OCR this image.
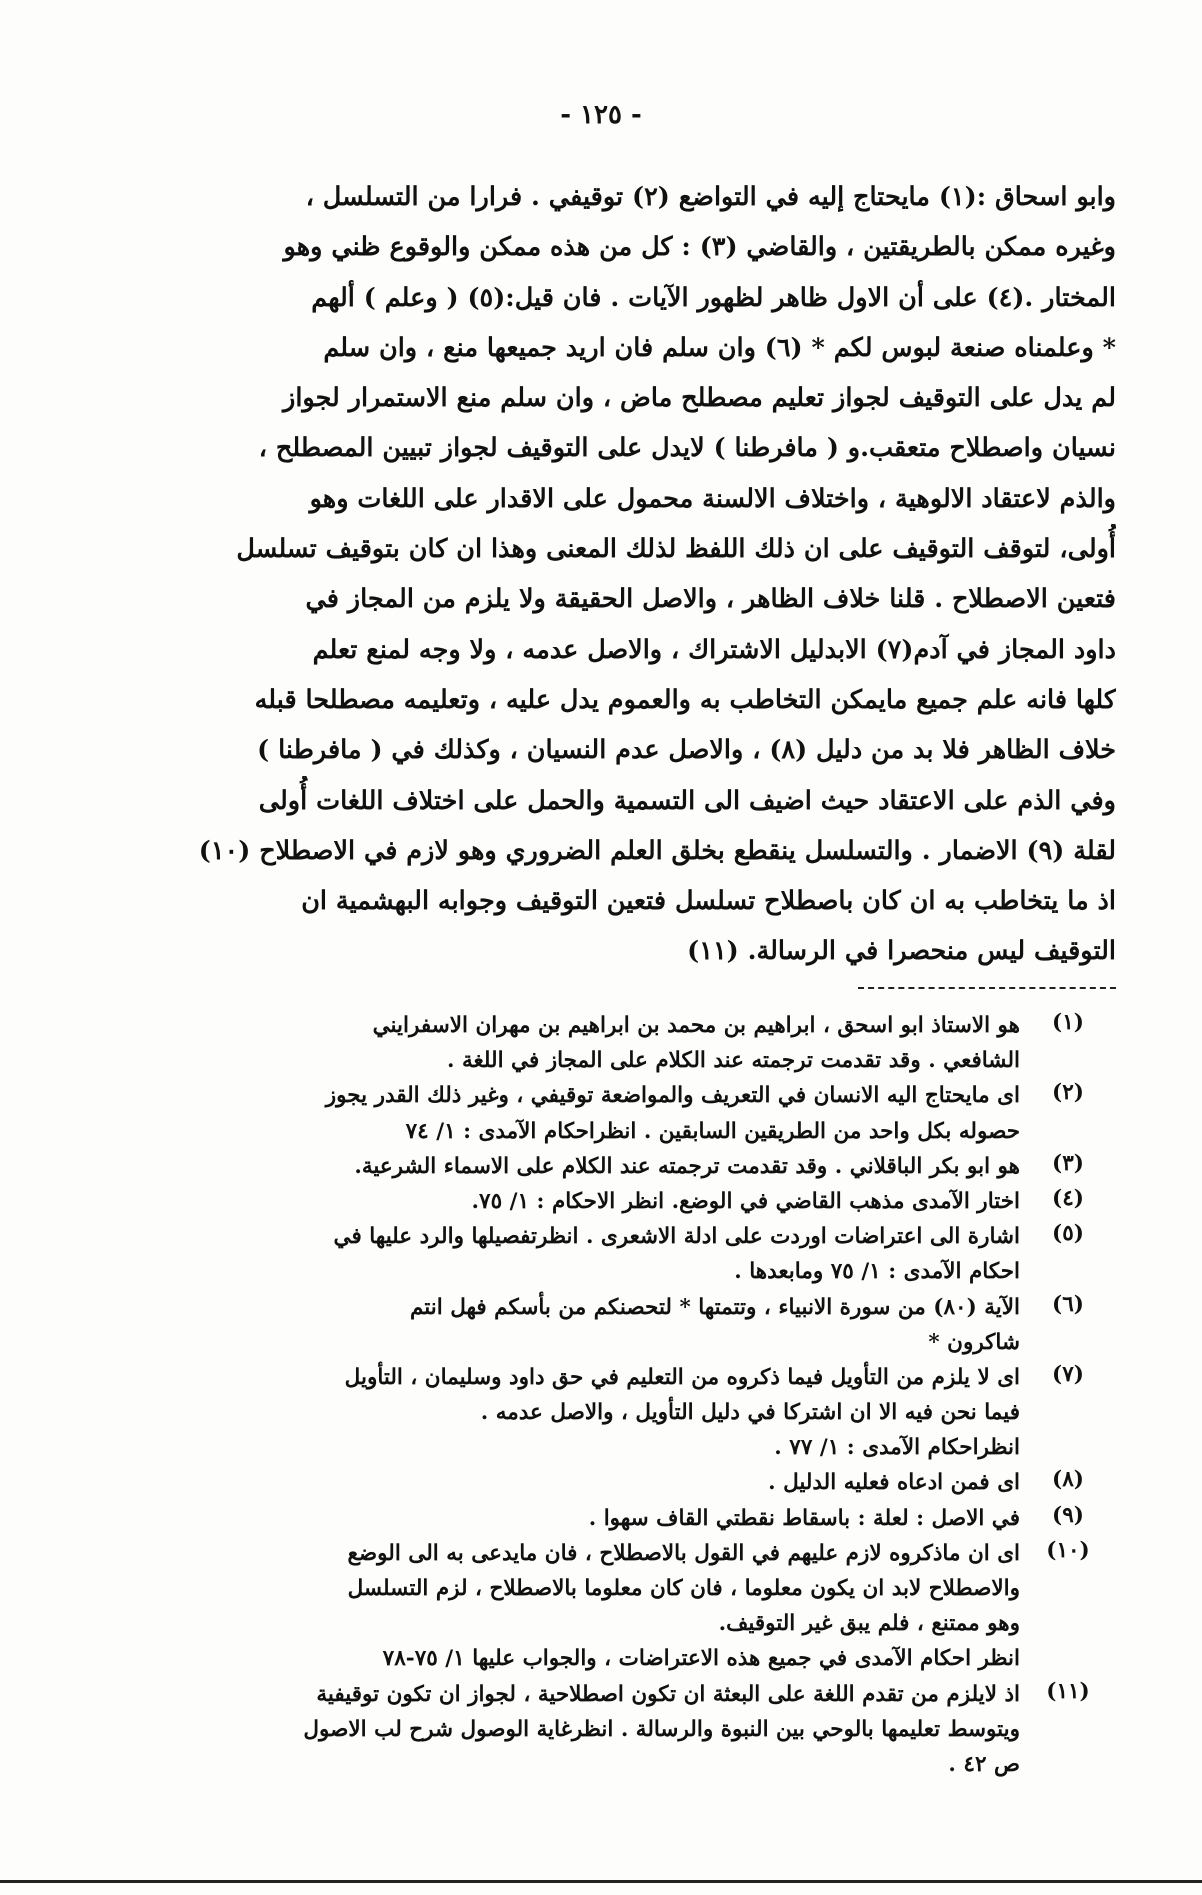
- ١٢٥ -
وابو اسحاق :(١) مايحتاج إليه في التواضع (٢) توقيفي . فرارا من التسلسل ،
وغيره ممكن بالطريقتين ، والقاضي (٣) : كل من هذه ممكن والوقوع ظني وهو
المختار .(٤) على أن الاول ظاهر لظهور الآيات . فان قيل:(٥) ( وعلم ) ألهم
* وعلمناه صنعة لبوس لكم * (٦) وان سلم فان اريد جميعها منع ، وان سلم
لم يدل على التوقيف لجواز تعليم مصطلح ماض ، وان سلم منع الاستمرار لجواز
نسيان واصطلاح متعقب.و ( مافرطنا ) لايدل على التوقيف لجواز تبيين المصطلح ،
والذم لاعتقاد الالوهية ، واختلاف الالسنة محمول على الاقدار على اللغات وهو
أُولى، لتوقف التوقيف على ان ذلك اللفظ لذلك المعنى وهذا ان كان بتوقيف تسلسل
فتعين الاصطلاح . قلنا خلاف الظاهر ، والاصل الحقيقة ولا يلزم من المجاز في
داود المجاز في آدم(٧) الابدليل الاشتراك ، والاصل عدمه ، ولا وجه لمنع تعلم
كلها فانه علم جميع مايمكن التخاطب به والعموم يدل عليه ، وتعليمه مصطلحا قبله
خلاف الظاهر فلا بد من دليل (٨) ، والاصل عدم النسيان ، وكذلك في ( مافرطنا )
وفي الذم على الاعتقاد حيث اضيف الى التسمية والحمل على اختلاف اللغات أُولى
لقلة (٩) الاضمار . والتسلسل ينقطع بخلق العلم الضروري وهو لازم في الاصطلاح (١٠)
اذ ما يتخاطب به ان كان باصطلاح تسلسل فتعين التوقيف وجوابه البهشمية ان
التوقيف ليس منحصرا في الرسالة. (١١)
(١)
هو الاستاذ ابو اسحق ، ابراهيم بن محمد بن ابراهيم بن مهران الاسفرايني
الشافعي . وقد تقدمت ترجمته عند الكلام على المجاز في اللغة .
(٢)
اى مايحتاج اليه الانسان في التعريف والمواضعة توقيفي ، وغير ذلك القدر يجوز
حصوله بكل واحد من الطريقين السابقين . انظراحكام الآمدى : ١/ ٧٤
(٣)
هو ابو بكر الباقلاني . وقد تقدمت ترجمته عند الكلام على الاسماء الشرعية.
(٤)
اختار الآمدى مذهب القاضي في الوضع. انظر الاحكام : ١/ ٧٥.
(٥)
اشارة الى اعتراضات اوردت على ادلة الاشعرى . انظرتفصيلها والرد عليها في
احكام الآمدى : ١/ ٧٥ ومابعدها .
(٦)
الآية (٨٠) من سورة الانبياء ، وتتمتها * لتحصنكم من بأسكم فهل انتم
شاكرون *
(٧)
اى لا يلزم من التأويل فيما ذكروه من التعليم في حق داود وسليمان ، التأويل
فيما نحن فيه الا ان اشتركا في دليل التأويل ، والاصل عدمه .
انظراحكام الآمدى : ١/ ٧٧ .
(٨)
اى فمن ادعاه فعليه الدليل .
(٩)
في الاصل : لعلة : باسقاط نقطتي القاف سهوا .
(١٠)
اى ان ماذكروه لازم عليهم في القول بالاصطلاح ، فان مايدعى به الى الوضع
والاصطلاح لابد ان يكون معلوما ، فان كان معلوما بالاصطلاح ، لزم التسلسل
وهو ممتنع ، فلم يبق غير التوقيف.
انظر احكام الآمدى في جميع هذه الاعتراضات ، والجواب عليها ١/ ٧٥-٧٨
(١١)
اذ لايلزم من تقدم اللغة على البعثة ان تكون اصطلاحية ، لجواز ان تكون توقيفية
ويتوسط تعليمها بالوحي بين النبوة والرسالة . انظرغاية الوصول شرح لب الاصول
ص ٤٢ .
